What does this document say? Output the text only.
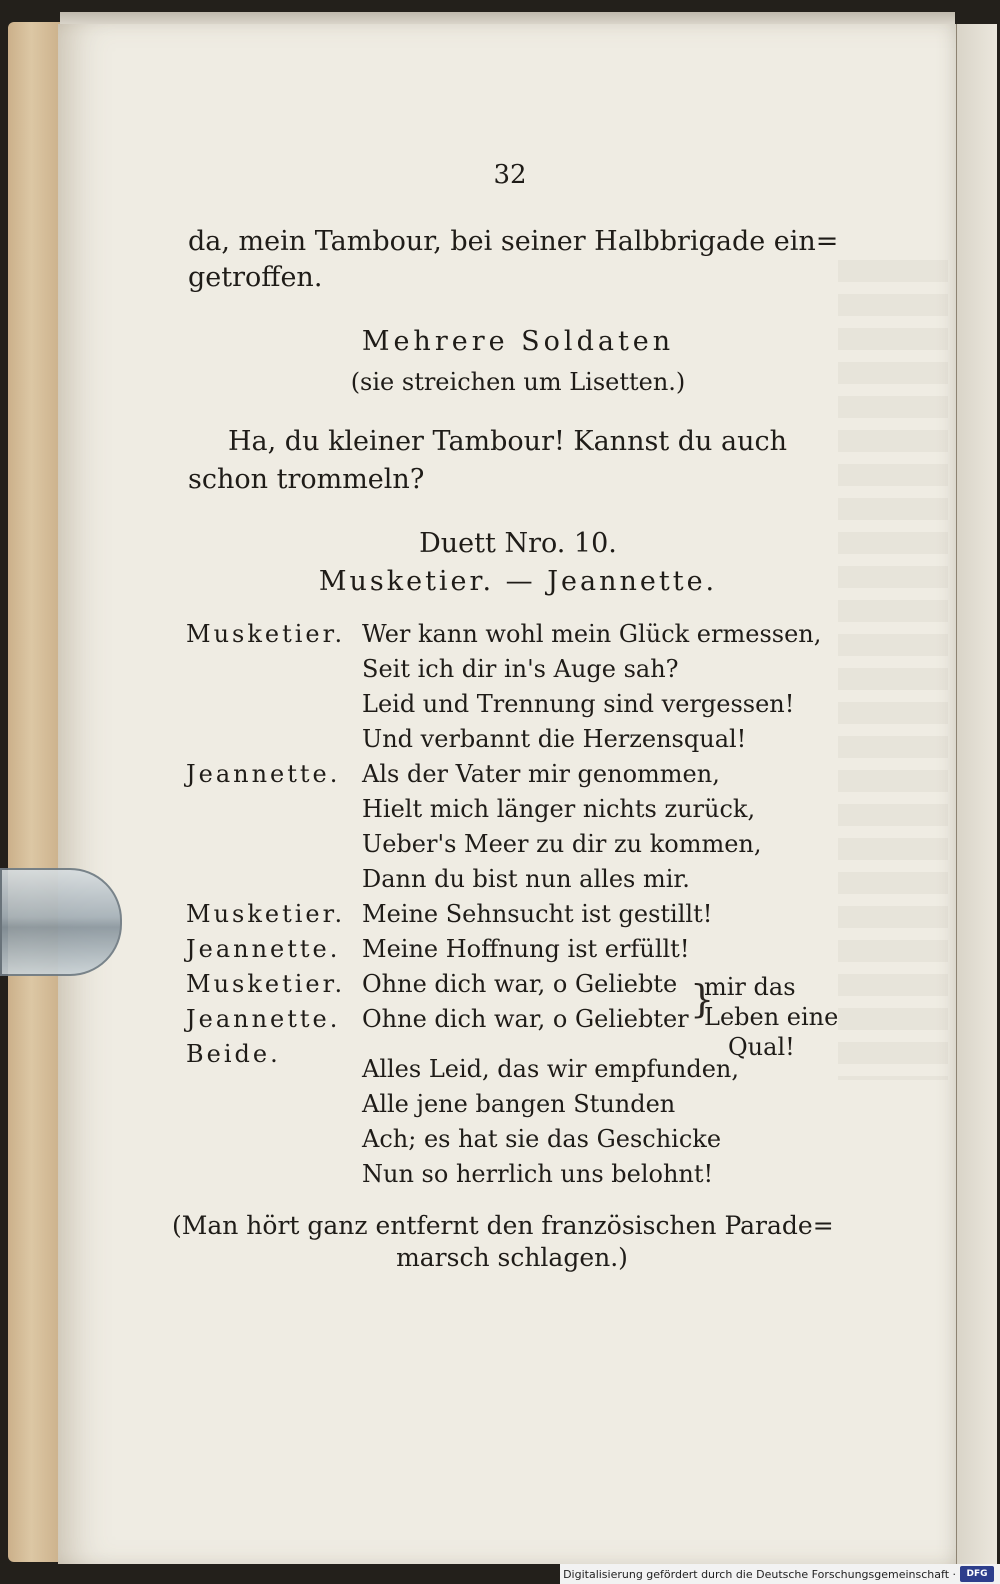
32
da, mein Tambour, bei seiner Halbbrigade ein=
getroffen.
Mehrere Soldaten
(sie streichen um Lisetten.)
Ha, du kleiner Tambour! Kannst du auch
schon trommeln?
Duett Nro. 10.
Musketier. — Jeannette.
Musketier. Wer kann wohl mein Glück ermessen,
Seit ich dir in's Auge sah?
Leid und Trennung sind vergessen!
Und verbannt die Herzensqual!
Jeannette. Als der Vater mir genommen,
Hielt mich länger nichts zurück,
Ueber's Meer zu dir zu kommen,
Dann du bist nun alles mir.
Musketier. Meine Sehnsucht ist gestillt!
Jeannette. Meine Hoffnung ist erfüllt!
Musketier. Ohne dich war, o Geliebte
Jeannette. Ohne dich war, o Geliebter }
mir das
Leben eine
Qual!
Beide.
Alles Leid, das wir empfunden,
Alle jene bangen Stunden
Ach; es hat sie das Geschicke
Nun so herrlich uns belohnt!
(Man hört ganz entfernt den französischen Parade=
marsch schlagen.)
Digitalisierung gefördert durch die Deutsche Forschungsgemeinschaft ·	DFG
